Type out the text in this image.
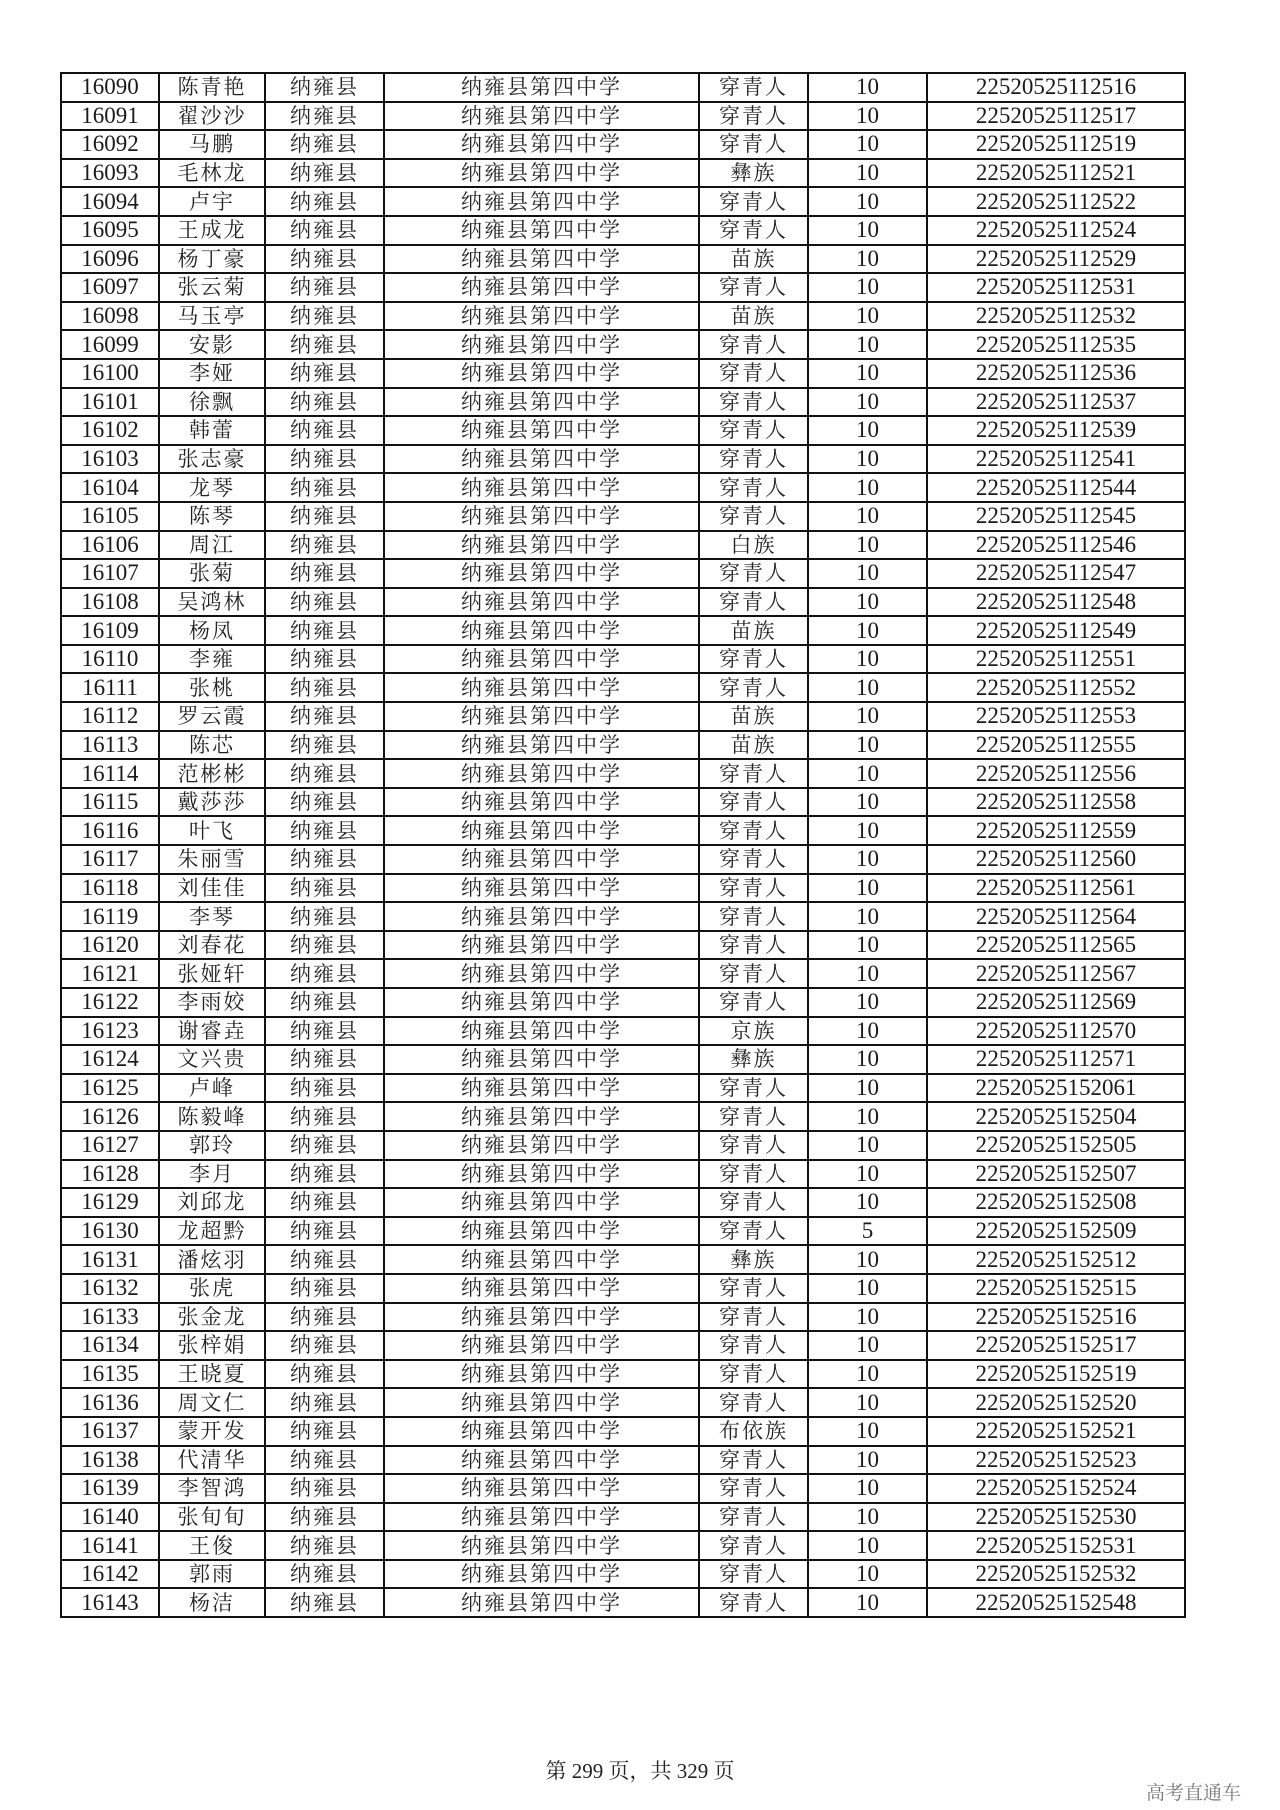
16090	陈青艳	纳雍县	纳雍县第四中学	穿青人	10	22520525112516
16091	翟沙沙	纳雍县	纳雍县第四中学	穿青人	10	22520525112517
16092	马鹏	纳雍县	纳雍县第四中学	穿青人	10	22520525112519
16093	毛林龙	纳雍县	纳雍县第四中学	彝族	10	22520525112521
16094	卢宇	纳雍县	纳雍县第四中学	穿青人	10	22520525112522
16095	王成龙	纳雍县	纳雍县第四中学	穿青人	10	22520525112524
16096	杨丁豪	纳雍县	纳雍县第四中学	苗族	10	22520525112529
16097	张云菊	纳雍县	纳雍县第四中学	穿青人	10	22520525112531
16098	马玉亭	纳雍县	纳雍县第四中学	苗族	10	22520525112532
16099	安影	纳雍县	纳雍县第四中学	穿青人	10	22520525112535
16100	李娅	纳雍县	纳雍县第四中学	穿青人	10	22520525112536
16101	徐飘	纳雍县	纳雍县第四中学	穿青人	10	22520525112537
16102	韩蕾	纳雍县	纳雍县第四中学	穿青人	10	22520525112539
16103	张志豪	纳雍县	纳雍县第四中学	穿青人	10	22520525112541
16104	龙琴	纳雍县	纳雍县第四中学	穿青人	10	22520525112544
16105	陈琴	纳雍县	纳雍县第四中学	穿青人	10	22520525112545
16106	周江	纳雍县	纳雍县第四中学	白族	10	22520525112546
16107	张菊	纳雍县	纳雍县第四中学	穿青人	10	22520525112547
16108	吴鸿林	纳雍县	纳雍县第四中学	穿青人	10	22520525112548
16109	杨凤	纳雍县	纳雍县第四中学	苗族	10	22520525112549
16110	李雍	纳雍县	纳雍县第四中学	穿青人	10	22520525112551
16111	张桃	纳雍县	纳雍县第四中学	穿青人	10	22520525112552
16112	罗云霞	纳雍县	纳雍县第四中学	苗族	10	22520525112553
16113	陈芯	纳雍县	纳雍县第四中学	苗族	10	22520525112555
16114	范彬彬	纳雍县	纳雍县第四中学	穿青人	10	22520525112556
16115	戴莎莎	纳雍县	纳雍县第四中学	穿青人	10	22520525112558
16116	叶飞	纳雍县	纳雍县第四中学	穿青人	10	22520525112559
16117	朱丽雪	纳雍县	纳雍县第四中学	穿青人	10	22520525112560
16118	刘佳佳	纳雍县	纳雍县第四中学	穿青人	10	22520525112561
16119	李琴	纳雍县	纳雍县第四中学	穿青人	10	22520525112564
16120	刘春花	纳雍县	纳雍县第四中学	穿青人	10	22520525112565
16121	张娅轩	纳雍县	纳雍县第四中学	穿青人	10	22520525112567
16122	李雨姣	纳雍县	纳雍县第四中学	穿青人	10	22520525112569
16123	谢睿垚	纳雍县	纳雍县第四中学	京族	10	22520525112570
16124	文兴贵	纳雍县	纳雍县第四中学	彝族	10	22520525112571
16125	卢峰	纳雍县	纳雍县第四中学	穿青人	10	22520525152061
16126	陈毅峰	纳雍县	纳雍县第四中学	穿青人	10	22520525152504
16127	郭玲	纳雍县	纳雍县第四中学	穿青人	10	22520525152505
16128	李月	纳雍县	纳雍县第四中学	穿青人	10	22520525152507
16129	刘邱龙	纳雍县	纳雍县第四中学	穿青人	10	22520525152508
16130	龙超黔	纳雍县	纳雍县第四中学	穿青人	5	22520525152509
16131	潘炫羽	纳雍县	纳雍县第四中学	彝族	10	22520525152512
16132	张虎	纳雍县	纳雍县第四中学	穿青人	10	22520525152515
16133	张金龙	纳雍县	纳雍县第四中学	穿青人	10	22520525152516
16134	张梓娟	纳雍县	纳雍县第四中学	穿青人	10	22520525152517
16135	王晓夏	纳雍县	纳雍县第四中学	穿青人	10	22520525152519
16136	周文仁	纳雍县	纳雍县第四中学	穿青人	10	22520525152520
16137	蒙开发	纳雍县	纳雍县第四中学	布依族	10	22520525152521
16138	代清华	纳雍县	纳雍县第四中学	穿青人	10	22520525152523
16139	李智鸿	纳雍县	纳雍县第四中学	穿青人	10	22520525152524
16140	张旬旬	纳雍县	纳雍县第四中学	穿青人	10	22520525152530
16141	王俊	纳雍县	纳雍县第四中学	穿青人	10	22520525152531
16142	郭雨	纳雍县	纳雍县第四中学	穿青人	10	22520525152532
16143	杨洁	纳雍县	纳雍县第四中学	穿青人	10	22520525152548
第 299 页，共 329 页
高考直通车
